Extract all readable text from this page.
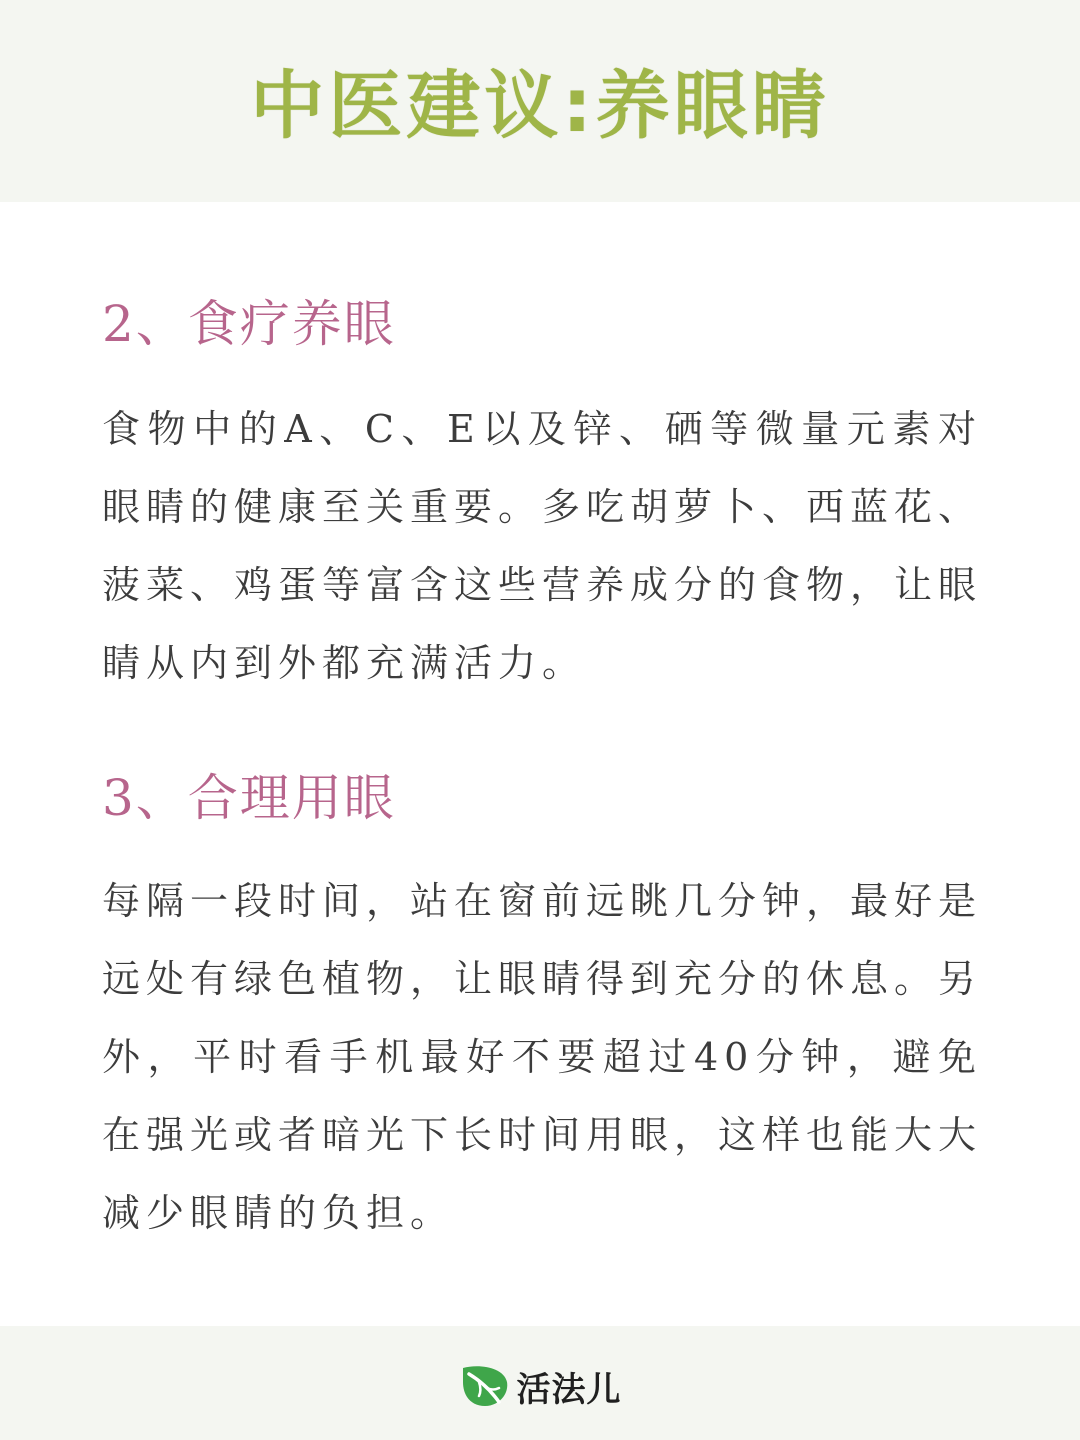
中医建议:养眼睛
2、食疗养眼

食物中的A、C、E以及锌、硒等微量元素对眼睛的健康至关重要。多吃胡萝卜、西蓝花、菠菜、鸡蛋等富含这些营养成分的食物，让眼睛从内到外都充满活力。

3、合理用眼

每隔一段时间，站在窗前远眺几分钟，最好是远处有绿色植物，让眼睛得到充分的休息。另外，平时看手机最好不要超过40分钟，避免在强光或者暗光下长时间用眼，这样也能大大减少眼睛的负担。

活法儿
